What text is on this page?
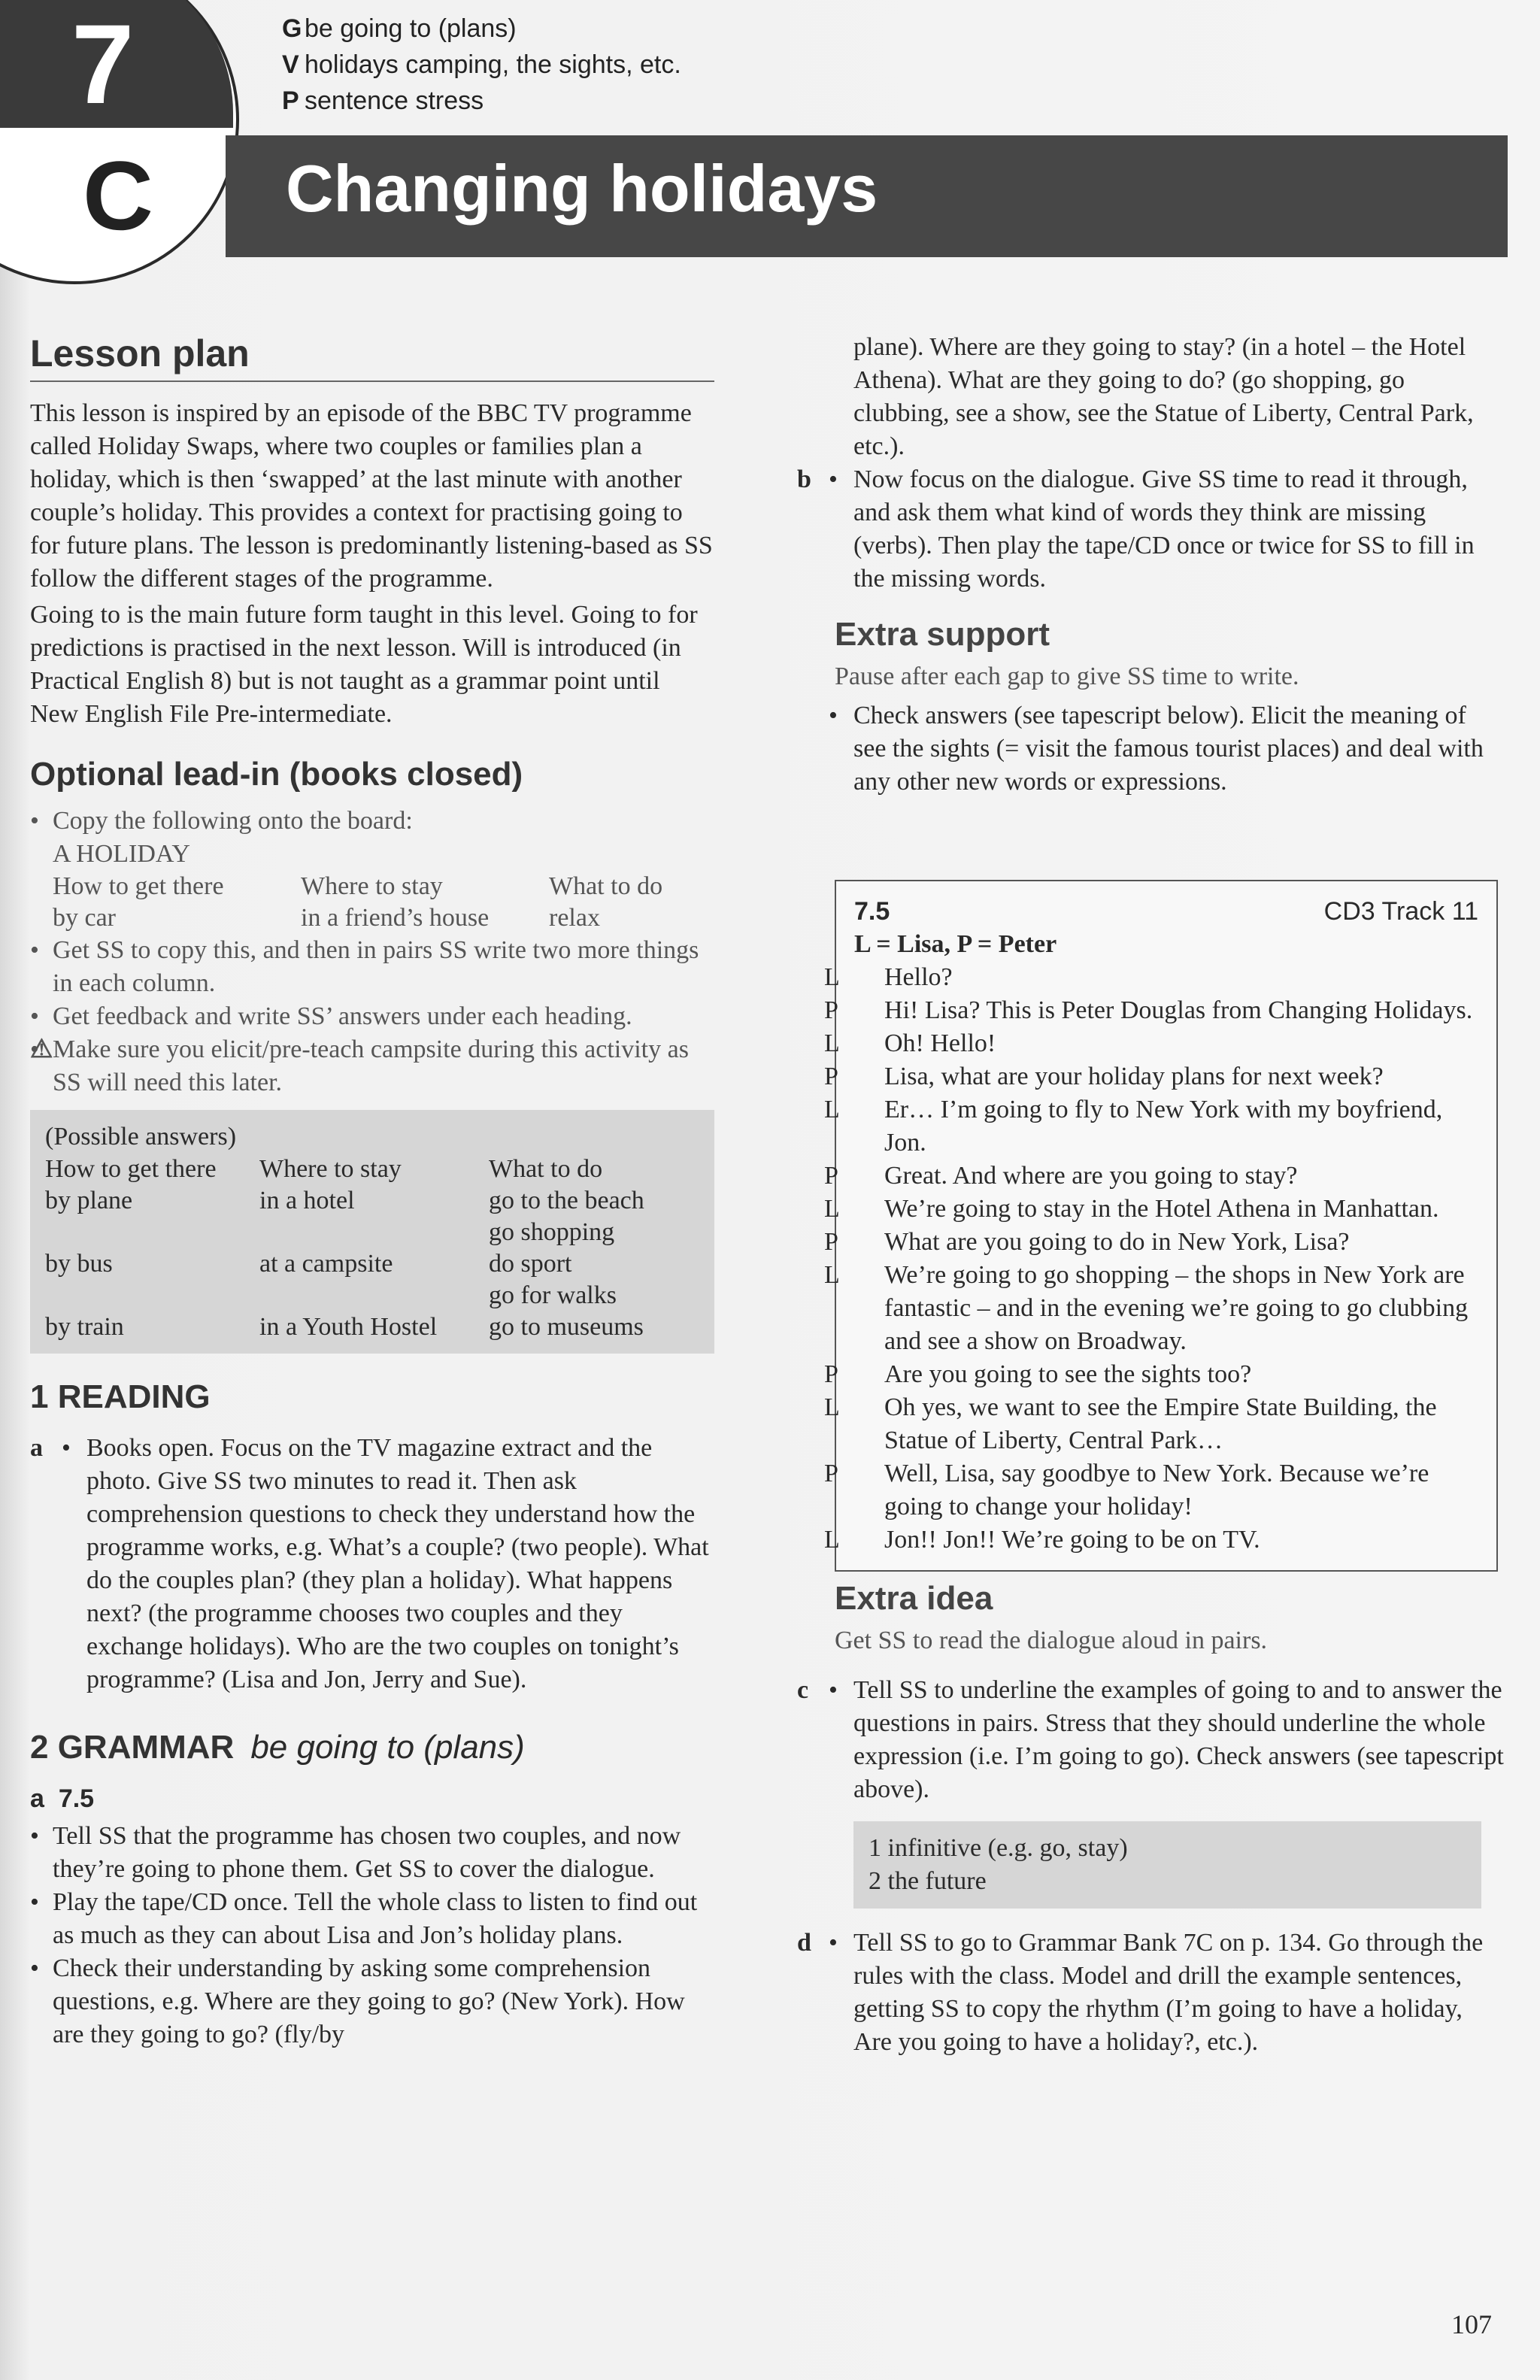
7
C
G be going to (plans)
V holidays camping, the sights, etc.
P sentence stress
Changing holidays
Lesson plan

This lesson is inspired by an episode of the BBC TV programme called Holiday Swaps, where two couples or families plan a holiday, which is then ‘swapped’ at the last minute with another couple’s holiday. This provides a context for practising going to for future plans. The lesson is predominantly listening-based as SS follow the different stages of the programme.

Going to is the main future form taught in this level. Going to for predictions is practised in the next lesson. Will is introduced (in Practical English 8) but is not taught as a grammar point until New English File Pre-intermediate.

Optional lead-in (books closed)

• Copy the following onto the board:

A HOLIDAY
How to get there	Where to stay	What to do
by car	in a friend’s house	relax

• Get SS to copy this, and then in pairs SS write two more things in each column.

• Get feedback and write SS’ answers under each heading.

• ⚠ Make sure you elicit/pre-teach campsite during this activity as SS will need this later.

(Possible answers)
How to get there	Where to stay	What to do
by plane	in a hotel	go to the beach
		go shopping
by bus	at a campsite	do sport
		go for walks
by train	in a Youth Hostel	go to museums
1 READING

a • Books open. Focus on the TV magazine extract and the photo. Give SS two minutes to read it. Then ask comprehension questions to check they understand how the programme works, e.g. What’s a couple? (two people). What do the couples plan? (they plan a holiday). What happens next? (the programme chooses two couples and they exchange holidays). Who are the two couples on tonight’s programme? (Lisa and Jon, Jerry and Sue).

2 GRAMMAR be going to (plans)

a 7.5

• Tell SS that the programme has chosen two couples, and now they’re going to phone them. Get SS to cover the dialogue.

• Play the tape/CD once. Tell the whole class to listen to find out as much as they can about Lisa and Jon’s holiday plans.

• Check their understanding by asking some comprehension questions, e.g. Where are they going to go? (New York). How are they going to go? (fly/by

plane). Where are they going to stay? (in a hotel – the Hotel Athena). What are they going to do? (go shopping, go clubbing, see a show, see the Statue of Liberty, Central Park, etc.).

b • Now focus on the dialogue. Give SS time to read it through, and ask them what kind of words they think are missing (verbs). Then play the tape/CD once or twice for SS to fill in the missing words.

Extra support

Pause after each gap to give SS time to write.

• Check answers (see tapescript below). Elicit the meaning of see the sights (= visit the famous tourist places) and deal with any other new words or expressions.

7.5	CD3 Track 11
L = Lisa, P = Peter
L Hello?
P Hi! Lisa? This is Peter Douglas from Changing Holidays.
L Oh! Hello!
P Lisa, what are your holiday plans for next week?
L Er… I’m going to fly to New York with my boyfriend, Jon.
P Great. And where are you going to stay?
L We’re going to stay in the Hotel Athena in Manhattan.
P What are you going to do in New York, Lisa?
L We’re going to go shopping – the shops in New York are fantastic – and in the evening we’re going to go clubbing and see a show on Broadway.
P Are you going to see the sights too?
L Oh yes, we want to see the Empire State Building, the Statue of Liberty, Central Park…
P Well, Lisa, say goodbye to New York. Because we’re going to change your holiday!
L Jon!! Jon!! We’re going to be on TV.
Extra idea

Get SS to read the dialogue aloud in pairs.

c • Tell SS to underline the examples of going to and to answer the questions in pairs. Stress that they should underline the whole expression (i.e. I’m going to go). Check answers (see tapescript above).

1 infinitive (e.g. go, stay)
2 the future

d • Tell SS to go to Grammar Bank 7C on p. 134. Go through the rules with the class. Model and drill the example sentences, getting SS to copy the rhythm (I’m going to have a holiday, Are you going to have a holiday?, etc.).

107
